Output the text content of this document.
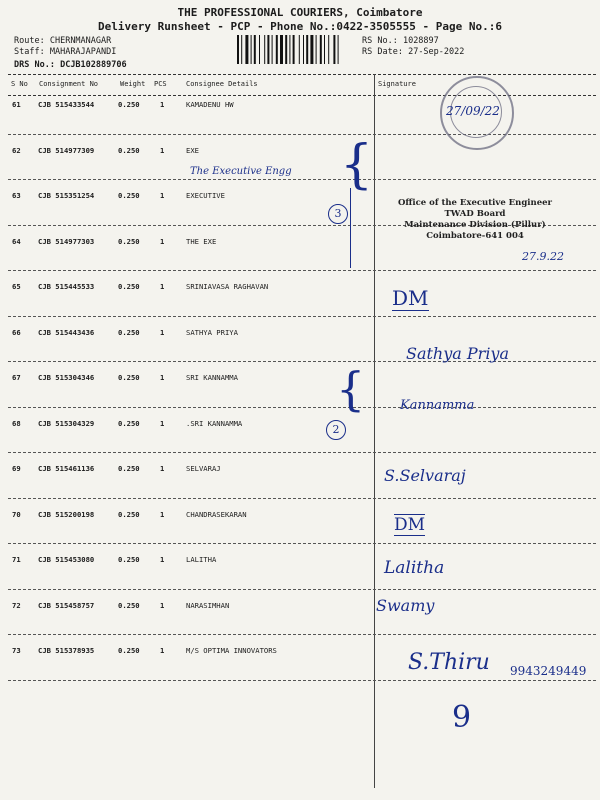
THE PROFESSIONAL COURIERS, Coimbatore
Delivery Runsheet - PCP - Phone No.:0422-3505555 - Page No.:6
Route: CHERNMANAGAR
Staff: MAHARAJAPANDI
DRS No.: DCJB102889706
RS No.: 1028897
RS Date: 27-Sep-2022
S No Consignment No	Weight PCS	Consignee Details	Signature
61 CJB 515433544	0.250	1	KAMADENU HW
62 CJB 514977309	0.250	1	EXE
63 CJB 515351254	0.250	1	EXECUTIVE
64 CJB 514977303	0.250	1	THE EXE
65 CJB 515445533	0.250	1	SRINIAVASA RAGHAVAN
66 CJB 515443436	0.250	1	SATHYA PRIYA
67 CJB 515304346	0.250	1	SRI KANNAMMA
68 CJB 515304329	0.250	1	.SRI KANNAMMA
69 CJB 515461136	0.250	1	SELVARAJ
70 CJB 515200198	0.250	1	CHANDRASEKARAN
71 CJB 515453080	0.250	1	LALITHA
72 CJB 515458757	0.250	1	NARASIMHAN
73 CJB 515378935	0.250	1	M/S OPTIMA INNOVATORS
27/09/22
The Executive Engg {
3
Office of the Executive Engineer
TWAD Board
Maintenance Division (Pillur)
Coimbatore-641 004
27.9.22
DM
Sathya Priya
{
2
Kannamma
S.Selvaraj
DM
Lalitha
Swamy
S.Thiru 9943249449
9
